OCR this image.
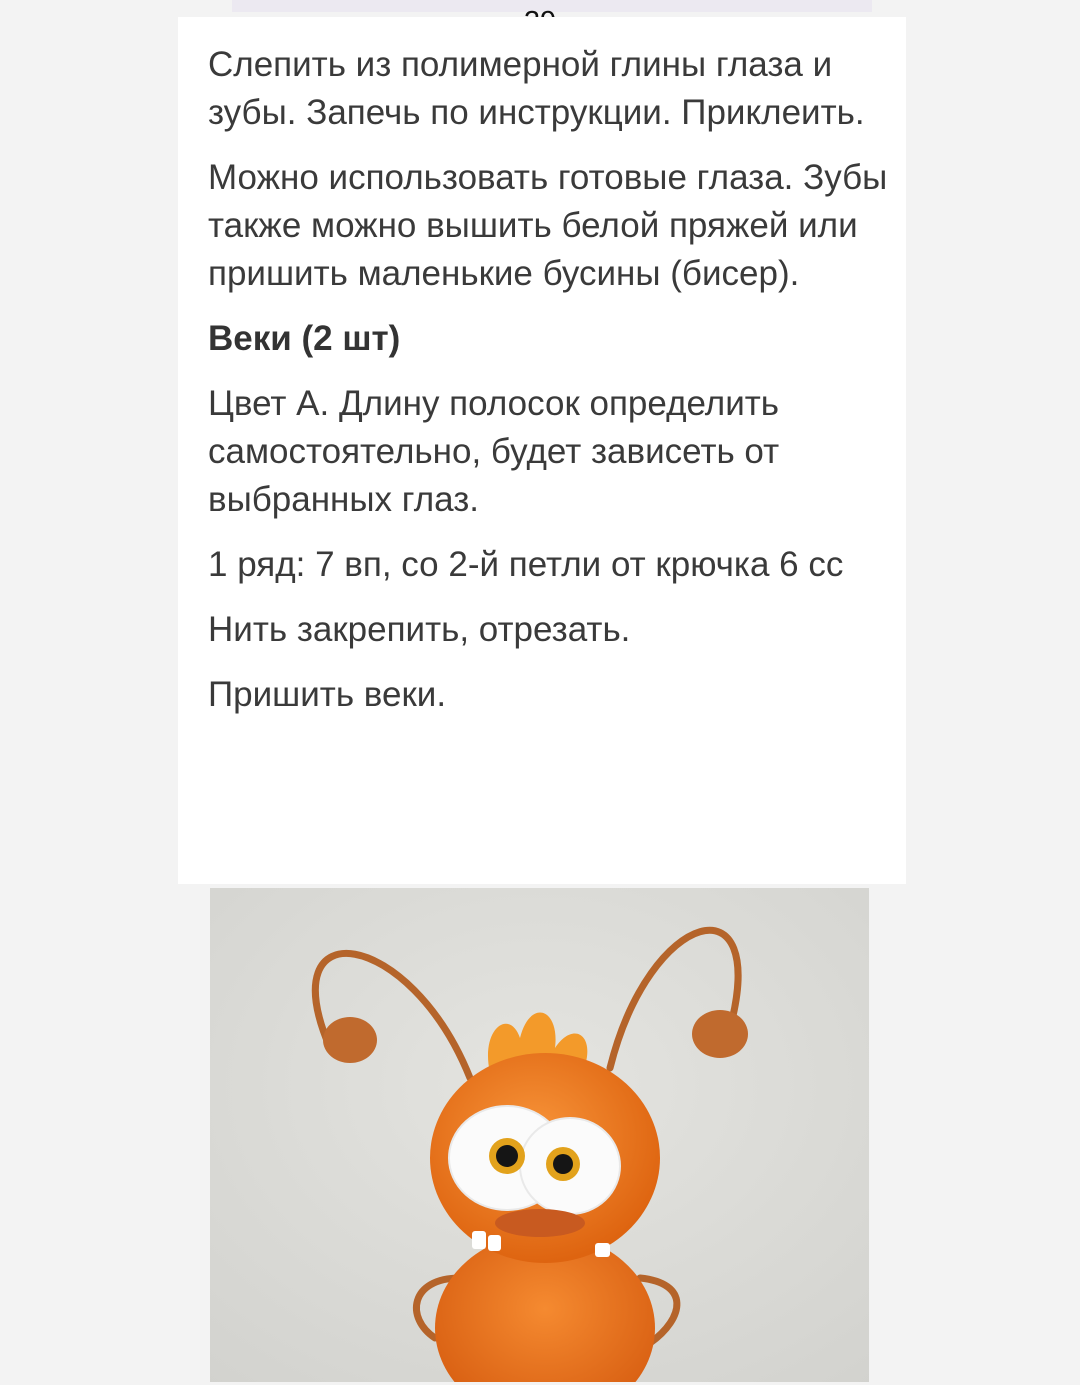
Слепить из полимерной глины глаза и зубы. Запечь по инструкции. Приклеить.

Можно использовать готовые глаза. Зубы также можно вышить белой пряжей или пришить маленькие бусины (бисер).

Веки (2 шт)

Цвет А. Длину полосок определить самостоятельно, будет зависеть от выбранных глаз.

1 ряд: 7 вп, со 2-й петли от крючка 6 сс

Нить закрепить, отрезать.

Пришить веки.
